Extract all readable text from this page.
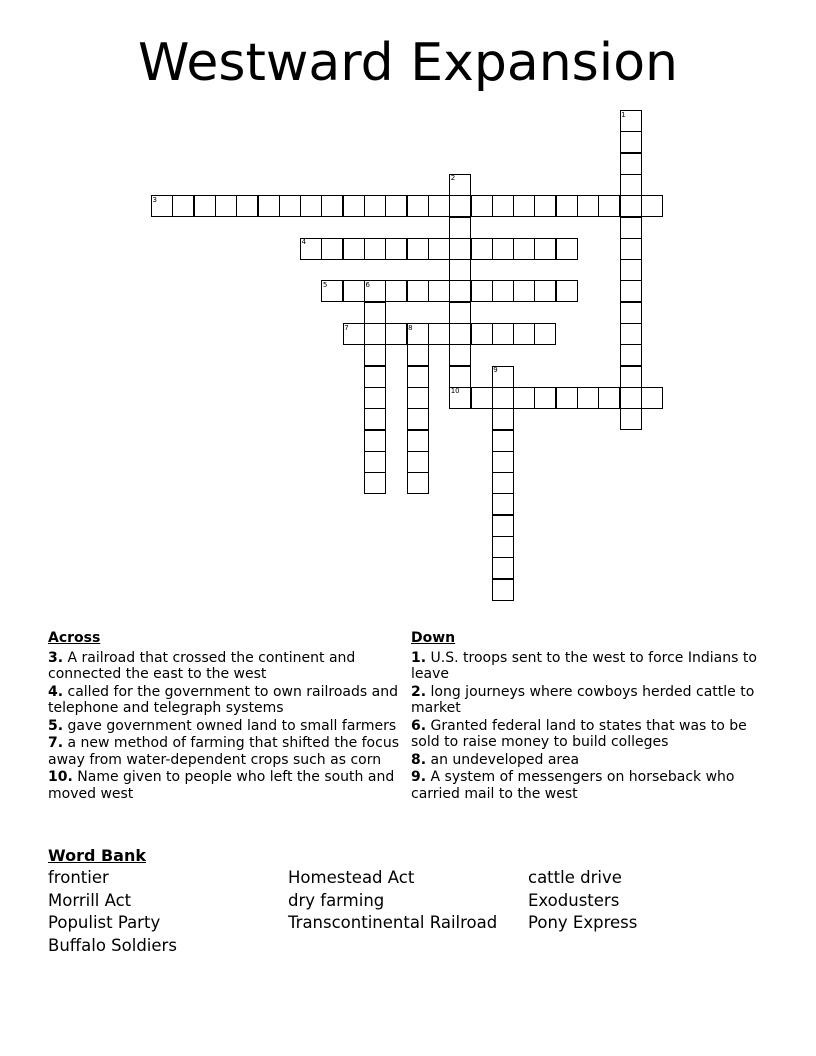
Westward Expansion
1
2
3
4
5	6
7	8
9
10
Across
3. A railroad that crossed the continent and connected the east to the west
4. called for the government to own railroads and telephone and telegraph systems
5. gave government owned land to small farmers
7. a new method of farming that shifted the focus away from water-dependent crops such as corn
10. Name given to people who left the south and moved west
Down
1. U.S. troops sent to the west to force Indians to leave
2. long journeys where cowboys herded cattle to market
6. Granted federal land to states that was to be sold to raise money to build colleges
8. an undeveloped area
9. A system of messengers on horseback who carried mail to the west
Word Bank
frontier
Morrill Act
Populist Party
Buffalo Soldiers
Homestead Act
dry farming
Transcontinental Railroad
cattle drive
Exodusters
Pony Express
